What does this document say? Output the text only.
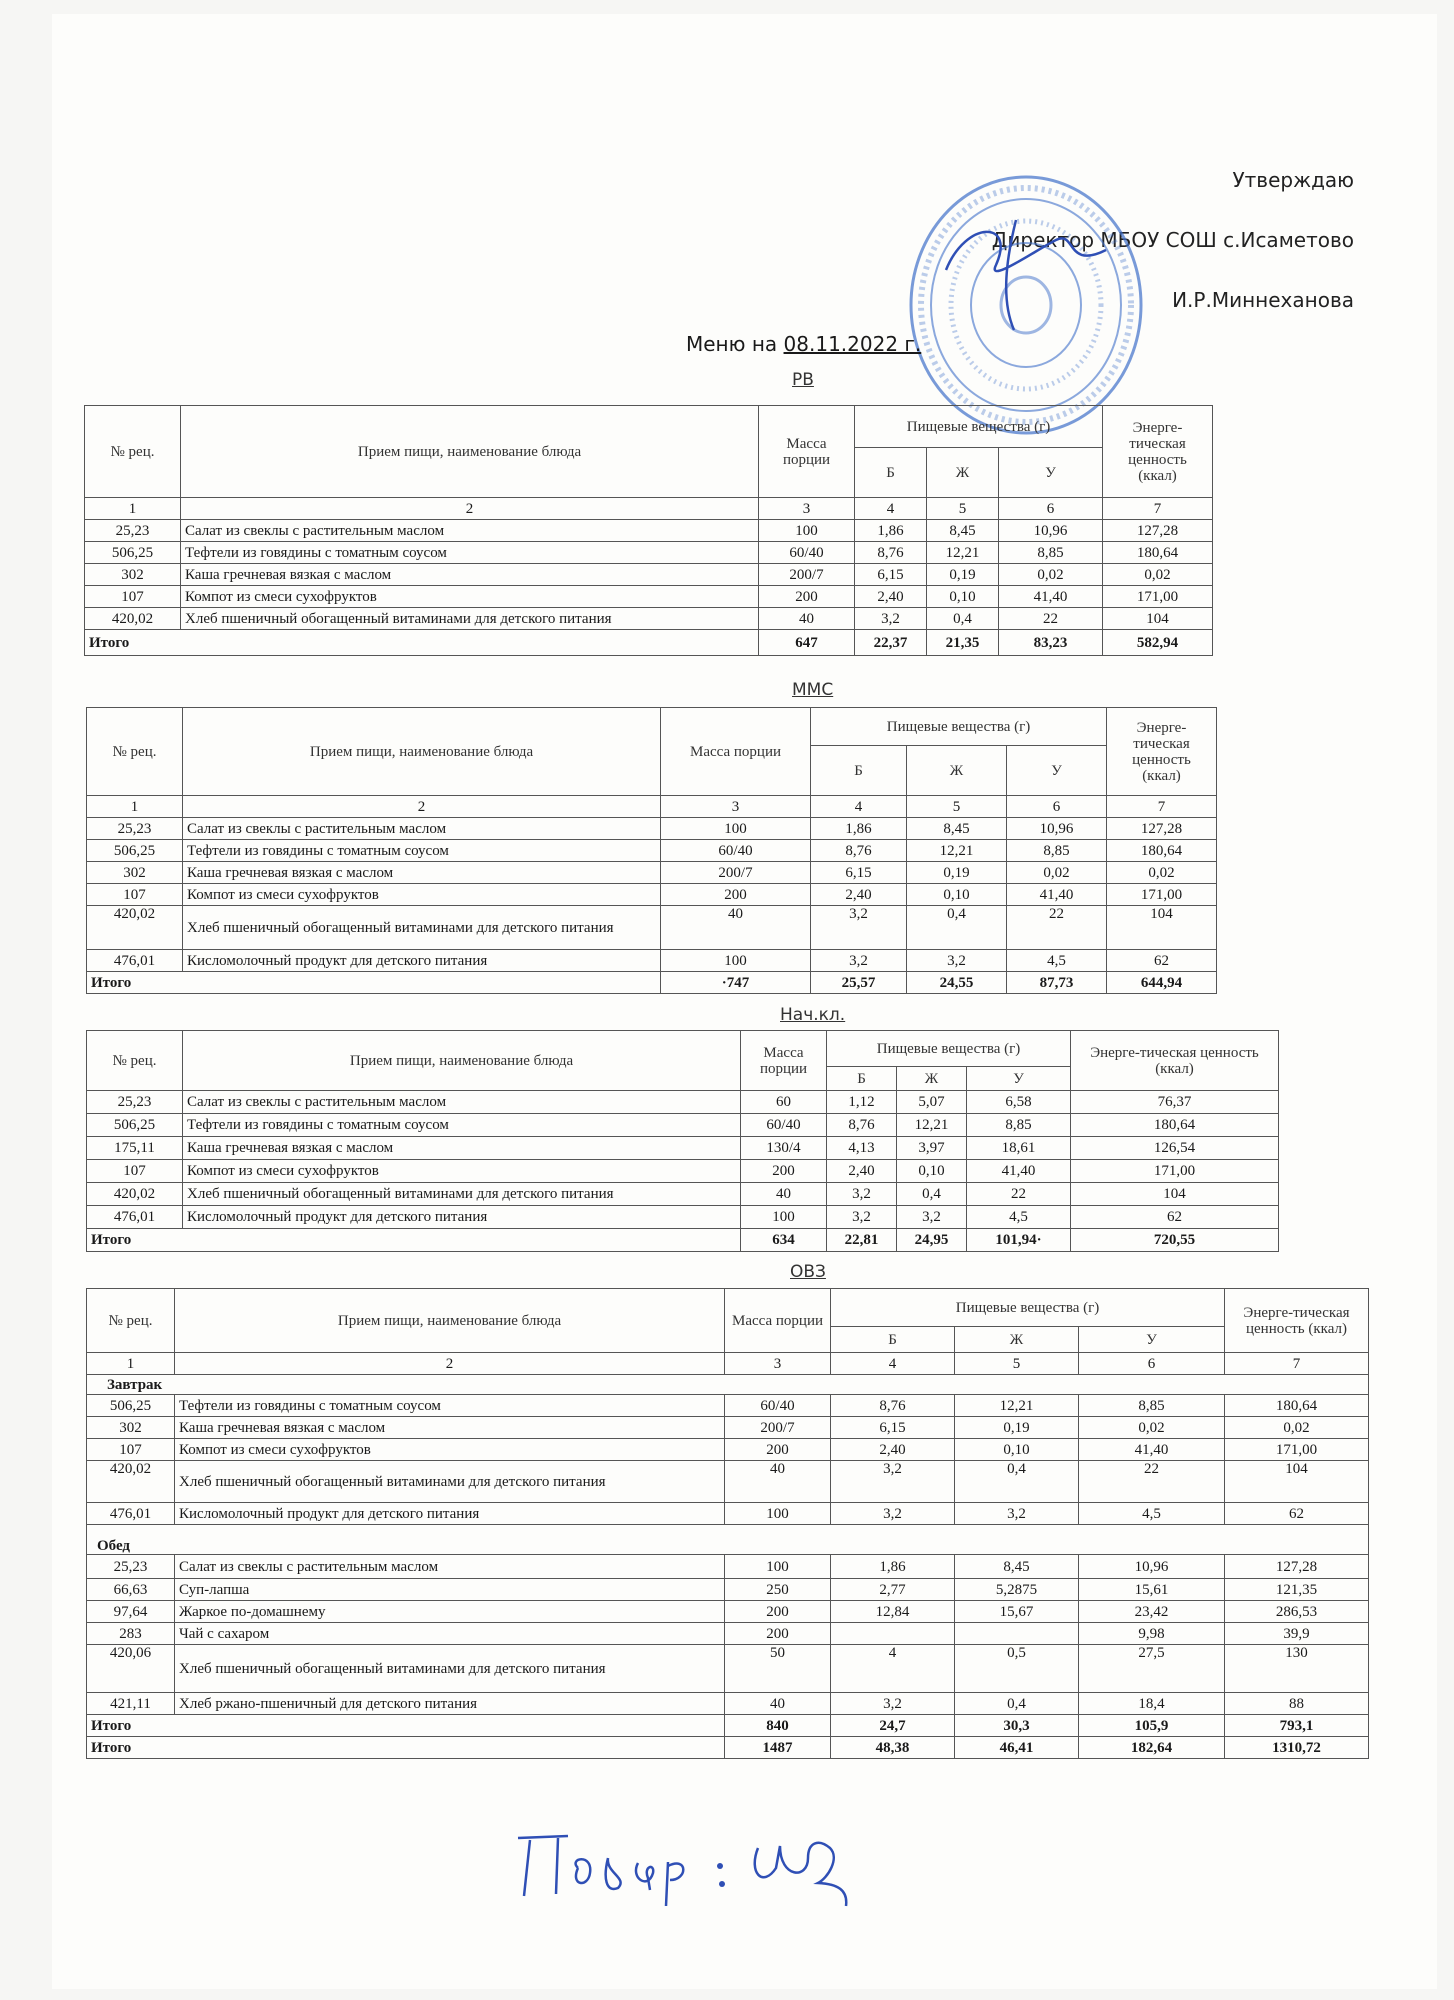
Утверждаю
Директор МБОУ СОШ с.Исаметово
И.Р.Миннеханова
Меню на 08.11.2022 г.
РВ
№ рец.	Прием пищи, наименование блюда	Масса порции	Пищевые вещества (г)			Энерге-тическая ценность (ккал)
			Б	Ж	У	
1	2	3	4	5	6	7
25,23	Салат из свеклы с растительным маслом	100	1,86	8,45	10,96	127,28
506,25	Тефтели из говядины с томатным соусом	60/40	8,76	12,21	8,85	180,64
302	Каша гречневая вязкая с маслом	200/7	6,15	0,19	0,02	0,02
107	Компот из смеси сухофруктов	200	2,40	0,10	41,40	171,00
420,02	Хлеб пшеничный обогащенный витаминами для детского питания	40	3,2	0,4	22	104
Итого		647	22,37	21,35	83,23	582,94
ММС
№ рец.	Прием пищи, наименование блюда	Масса порции	Пищевые вещества (г)			Энерге-тическая ценность (ккал)
			Б	Ж	У	
1	2	3	4	5	6	7
25,23	Салат из свеклы с растительным маслом	100	1,86	8,45	10,96	127,28
506,25	Тефтели из говядины с томатным соусом	60/40	8,76	12,21	8,85	180,64
302	Каша гречневая вязкая с маслом	200/7	6,15	0,19	0,02	0,02
107	Компот из смеси сухофруктов	200	2,40	0,10	41,40	171,00
420,02	Хлеб пшеничный обогащенный витаминами для детского питания	40	3,2	0,4	22	104
476,01	Кисломолочный продукт для детского питания	100	3,2	3,2	4,5	62
Итого		·747	25,57	24,55	87,73	644,94
Нач.кл.
№ рец.	Прием пищи, наименование блюда	Масса порции	Пищевые вещества (г)			Энерге-тическая ценность (ккал)
			Б	Ж	У	
25,23	Салат из свеклы с растительным маслом	60	1,12	5,07	6,58	76,37
506,25	Тефтели из говядины с томатным соусом	60/40	8,76	12,21	8,85	180,64
175,11	Каша гречневая вязкая с маслом	130/4	4,13	3,97	18,61	126,54
107	Компот из смеси сухофруктов	200	2,40	0,10	41,40	171,00
420,02	Хлеб пшеничный обогащенный витаминами для детского питания	40	3,2	0,4	22	104
476,01	Кисломолочный продукт для детского питания	100	3,2	3,2	4,5	62
Итого		634	22,81	24,95	101,94·	720,55
ОВЗ
№ рец.	Прием пищи, наименование блюда	Масса порции	Пищевые вещества (г)			Энерге-тическая ценность (ккал)
			Б	Ж	У	
1	2	3	4	5	6	7
Завтрак						
506,25	Тефтели из говядины с томатным соусом	60/40	8,76	12,21	8,85	180,64
302	Каша гречневая вязкая с маслом	200/7	6,15	0,19	0,02	0,02
107	Компот из смеси сухофруктов	200	2,40	0,10	41,40	171,00
420,02	Хлеб пшеничный обогащенный витаминами для детского питания	40	3,2	0,4	22	104
476,01	Кисломолочный продукт для детского питания	100	3,2	3,2	4,5	62
Обед						
25,23	Салат из свеклы с растительным маслом	100	1,86	8,45	10,96	127,28
66,63	Суп-лапша	250	2,77	5,2875	15,61	121,35
97,64	Жаркое по-домашнему	200	12,84	15,67	23,42	286,53
283	Чай с сахаром	200			9,98	39,9
420,06	Хлеб пшеничный обогащенный витаминами для детского питания	50	4	0,5	27,5	130
421,11	Хлеб ржано-пшеничный для детского питания	40	3,2	0,4	18,4	88
Итого		840	24,7	30,3	105,9	793,1
Итого		1487	48,38	46,41	182,64	1310,72
